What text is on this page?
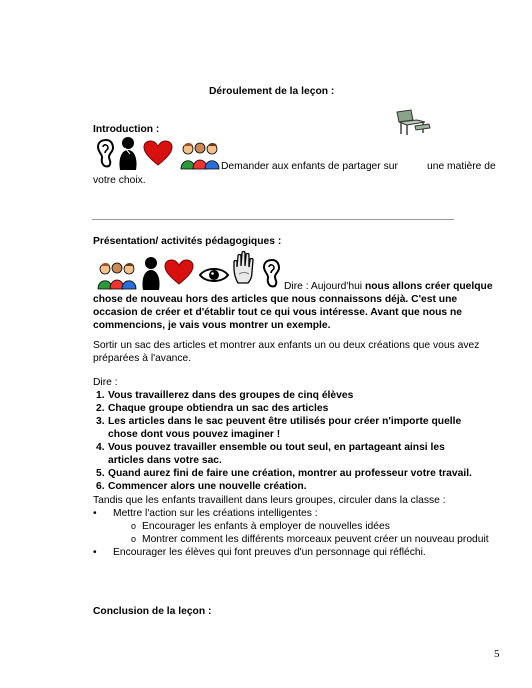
Déroulement de la leçon :
Introduction :
Demander aux enfants de partager sur	une matière de
votre choix.
Présentation/ activités pédagogiques :
Dire : Aujourd'hui nous allons créer quelque
chose de nouveau hors des articles que nous connaissons déjà. C'est une
occasion de créer et d'établir tout ce qui vous intéresse. Avant que nous ne
commencions, je vais vous montrer un exemple.
Sortir un sac des articles et montrer aux enfants un ou deux créations que vous avez
préparées à l'avance.
Dire :
1. Vous travaillerez dans des groupes de cinq élèves
2. Chaque groupe obtiendra un sac des articles
3. Les articles dans le sac peuvent être utilisés pour créer n'importe quelle
chose dont vous pouvez imaginer !
4. Vous pouvez travailler ensemble ou tout seul, en partageant ainsi les
articles dans votre sac.
5. Quand aurez fini de faire une création, montrer au professeur votre travail.
6. Commencer alors une nouvelle création.
Tandis que les enfants travaillent dans leurs groupes, circuler dans la classe :
• Mettre l'action sur les créations intelligentes :
o Encourager les enfants à employer de nouvelles idées
o Montrer comment les différents morceaux peuvent créer un nouveau produit
• Encourager les élèves qui font preuves d'un personnage qui réfléchi.
Conclusion de la leçon :
5
